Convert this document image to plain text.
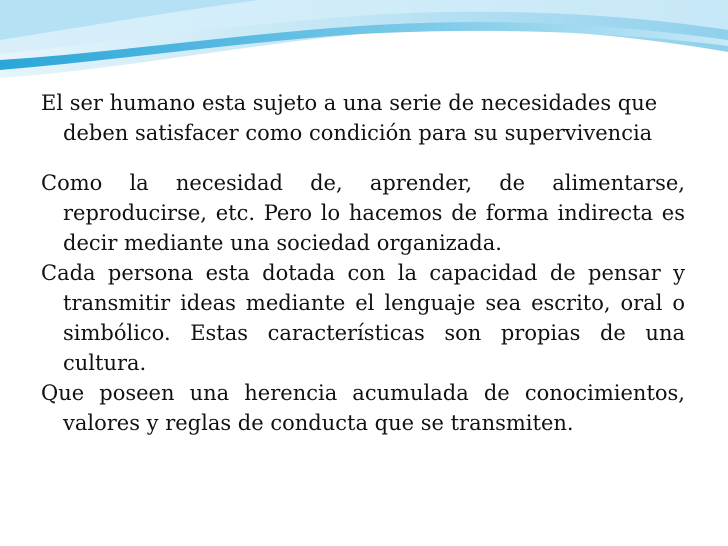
El ser humano esta sujeto a una serie de necesidades que deben satisfacer como condición para su supervivencia

Como la necesidad de, aprender, de alimentarse, reproducirse, etc. Pero lo hacemos de forma indirecta es decir mediante una sociedad organizada.

Cada persona esta dotada con la capacidad de pensar y transmitir ideas mediante el lenguaje sea escrito, oral o simbólico. Estas características son propias de una cultura.

Que poseen una herencia acumulada de conocimientos, valores y reglas de conducta que se transmiten.
